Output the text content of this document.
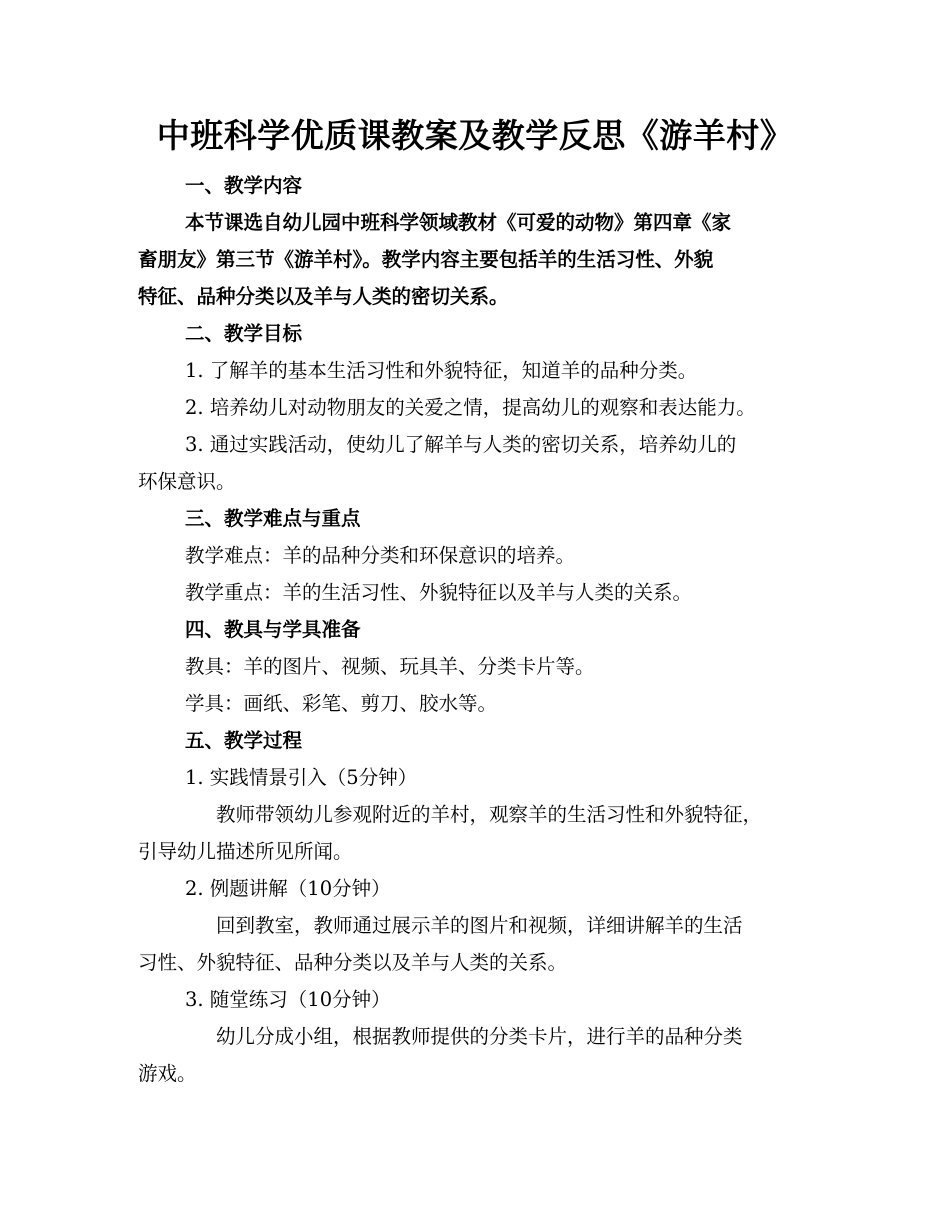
中班科学优质课教案及教学反思《游羊村》
一、教学内容
本节课选自幼儿园中班科学领域教材《可爱的动物》第四章《家
畜朋友》第三节《游羊村》。教学内容主要包括羊的生活习性、外貌
特征、品种分类以及羊与人类的密切关系。
二、教学目标
1. 了解羊的基本生活习性和外貌特征，知道羊的品种分类。
2. 培养幼儿对动物朋友的关爱之情，提高幼儿的观察和表达能力。
3. 通过实践活动，使幼儿了解羊与人类的密切关系，培养幼儿的
环保意识。
三、教学难点与重点
教学难点：羊的品种分类和环保意识的培养。
教学重点：羊的生活习性、外貌特征以及羊与人类的关系。
四、教具与学具准备
教具：羊的图片、视频、玩具羊、分类卡片等。
学具：画纸、彩笔、剪刀、胶水等。
五、教学过程
1. 实践情景引入（5分钟）
教师带领幼儿参观附近的羊村，观察羊的生活习性和外貌特征，
引导幼儿描述所见所闻。
2. 例题讲解（10分钟）
回到教室，教师通过展示羊的图片和视频，详细讲解羊的生活
习性、外貌特征、品种分类以及羊与人类的关系。
3. 随堂练习（10分钟）
幼儿分成小组，根据教师提供的分类卡片，进行羊的品种分类
游戏。
